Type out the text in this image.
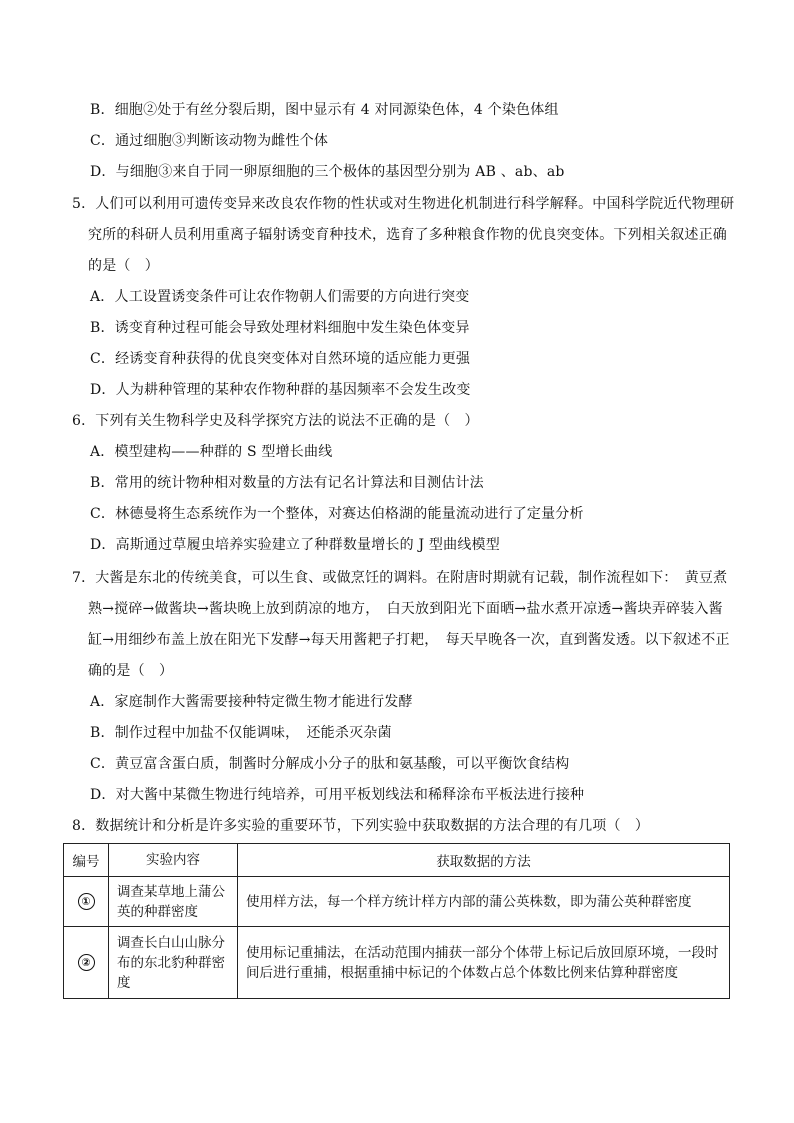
B．细胞②处于有丝分裂后期，图中显示有 4 对同源染色体，4 个染色体组
C．通过细胞③判断该动物为雌性个体
D．与细胞③来自于同一卵原细胞的三个极体的基因型分别为 AB 、ab、ab
5．人们可以利用可遗传变异来改良农作物的性状或对生物进化机制进行科学解释。中国科学院近代物理研
究所的科研人员利用重离子辐射诱变育种技术，选育了多种粮食作物的优良突变体。下列相关叙述正确
的是（　）
A．人工设置诱变条件可让农作物朝人们需要的方向进行突变
B．诱变育种过程可能会导致处理材料细胞中发生染色体变异
C．经诱变育种获得的优良突变体对自然环境的适应能力更强
D．人为耕种管理的某种农作物种群的基因频率不会发生改变
6．下列有关生物科学史及科学探究方法的说法不正确的是（　）
A．模型建构——种群的 S 型增长曲线
B．常用的统计物种相对数量的方法有记名计算法和目测估计法
C．林德曼将生态系统作为一个整体，对赛达伯格湖的能量流动进行了定量分析
D．高斯通过草履虫培养实验建立了种群数量增长的 J 型曲线模型
7．大酱是东北的传统美食，可以生食、或做烹饪的调料。在附唐时期就有记载，制作流程如下：　黄豆煮
熟→搅碎→做酱块→酱块晚上放到荫凉的地方，　白天放到阳光下面晒→盐水煮开凉透→酱块弄碎装入酱
缸→用细纱布盖上放在阳光下发酵→每天用酱耙子打耙，　每天早晚各一次，直到酱发透。以下叙述不正
确的是（　）
A．家庭制作大酱需要接种特定微生物才能进行发酵
B．制作过程中加盐不仅能调味，　还能杀灭杂菌
C．黄豆富含蛋白质，制酱时分解成小分子的肽和氨基酸，可以平衡饮食结构
D．对大酱中某微生物进行纯培养，可用平板划线法和稀释涂布平板法进行接种
8．数据统计和分析是许多实验的重要环节，下列实验中获取数据的方法合理的有几项（　）
编号	实验内容	获取数据的方法
①	调查某草地上蒲公英的种群密度	使用样方法，每一个样方统计样方内部的蒲公英株数，即为蒲公英种群密度
②	调查长白山山脉分布的东北豹种群密度	使用标记重捕法，在活动范围内捕获一部分个体带上标记后放回原环境，一段时间后进行重捕，根据重捕中标记的个体数占总个体数比例来估算种群密度
